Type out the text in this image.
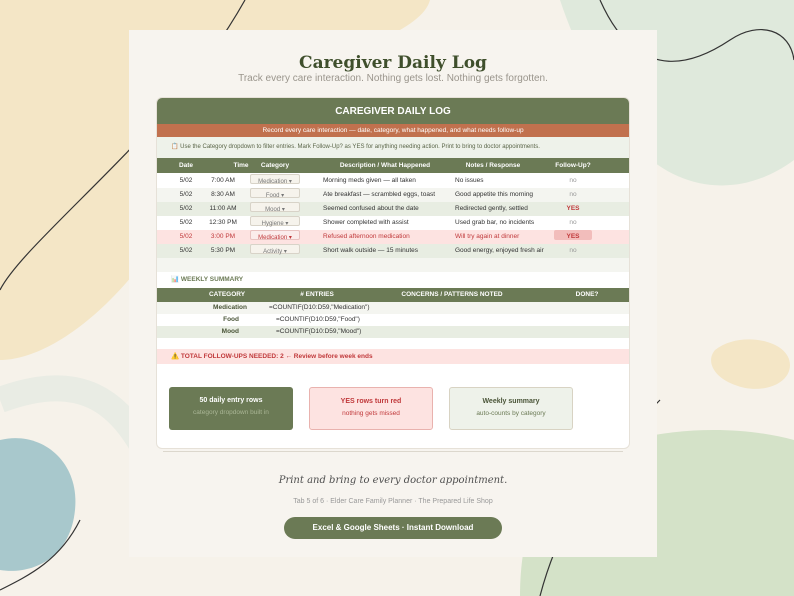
Caregiver Daily Log
Track every care interaction. Nothing gets lost. Nothing gets forgotten.
CAREGIVER DAILY LOG
Record every care interaction — date, category, what happened, and what needs follow-up
📋 Use the Category dropdown to filter entries. Mark Follow-Up? as YES for anything needing action. Print to bring to doctor appointments.
Date	Time	Category	Description / What Happened	Notes / Response	Follow-Up?
5/02	7:00 AM	Medication ▾	Morning meds given — all taken	No issues	no
5/02	8:30 AM	Food ▾	Ate breakfast — scrambled eggs, toast	Good appetite this morning	no
5/02	11:00 AM	Mood ▾	Seemed confused about the date	Redirected gently, settled	YES
5/02	12:30 PM	Hygiene ▾	Shower completed with assist	Used grab bar, no incidents	no
5/02	3:00 PM	Medication ▾	Refused afternoon medication	Will try again at dinner	YES
5/02	5:30 PM	Activity ▾	Short walk outside — 15 minutes	Good energy, enjoyed fresh air	no
📊 WEEKLY SUMMARY
CATEGORY	# ENTRIES	CONCERNS / PATTERNS NOTED	DONE?
Medication	=COUNTIF(D10:D59,"Medication")
Food	=COUNTIF(D10:D59,"Food")
Mood	=COUNTIF(D10:D59,"Mood")
⚠️ TOTAL FOLLOW-UPS NEEDED: 2 ← Review before week ends
50 daily entry rows
category dropdown built in
YES rows turn red
nothing gets missed
Weekly summary
auto-counts by category
Print and bring to every doctor appointment.
Tab 5 of 6 · Elder Care Family Planner · The Prepared Life Shop
Excel & Google Sheets · Instant Download
